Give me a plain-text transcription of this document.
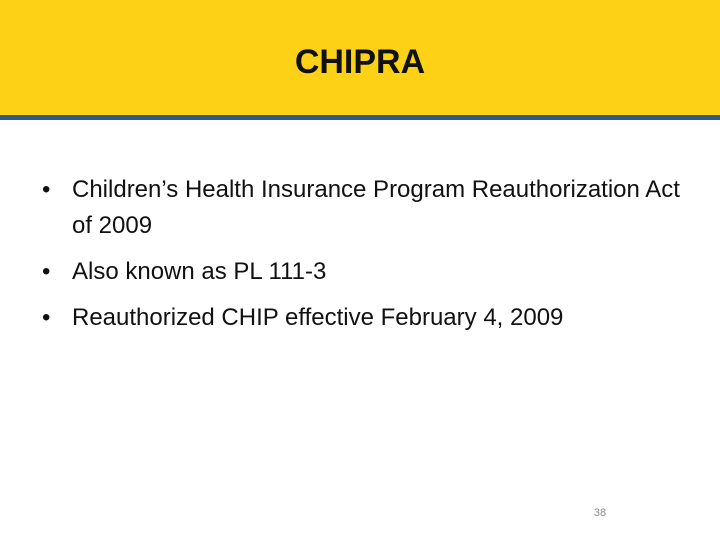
CHIPRA
• Children’s Health Insurance Program Reauthorization Act of 2009
• Also known as PL 111-3
• Reauthorized CHIP effective February 4, 2009
38
